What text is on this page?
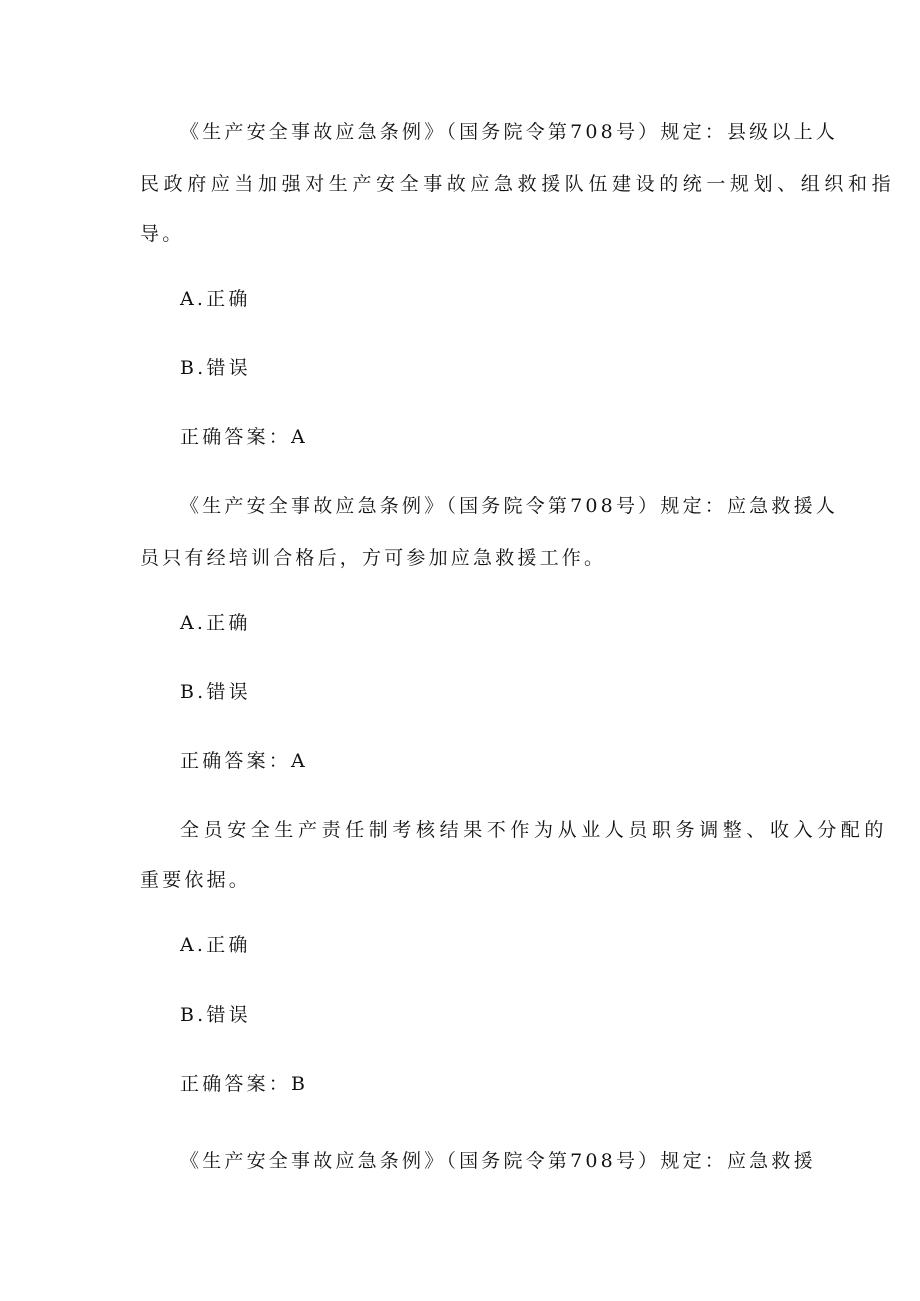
《生产安全事故应急条例》（国务院令第708号）规定：县级以上人
民政府应当加强对生产安全事故应急救援队伍建设的统一规划、组织和指
导。
A.正确
B.错误
正确答案：A
《生产安全事故应急条例》（国务院令第708号）规定：应急救援人
员只有经培训合格后，方可参加应急救援工作。
A.正确
B.错误
正确答案：A
全员安全生产责任制考核结果不作为从业人员职务调整、收入分配的
重要依据。
A.正确
B.错误
正确答案：B
《生产安全事故应急条例》（国务院令第708号）规定：应急救援
